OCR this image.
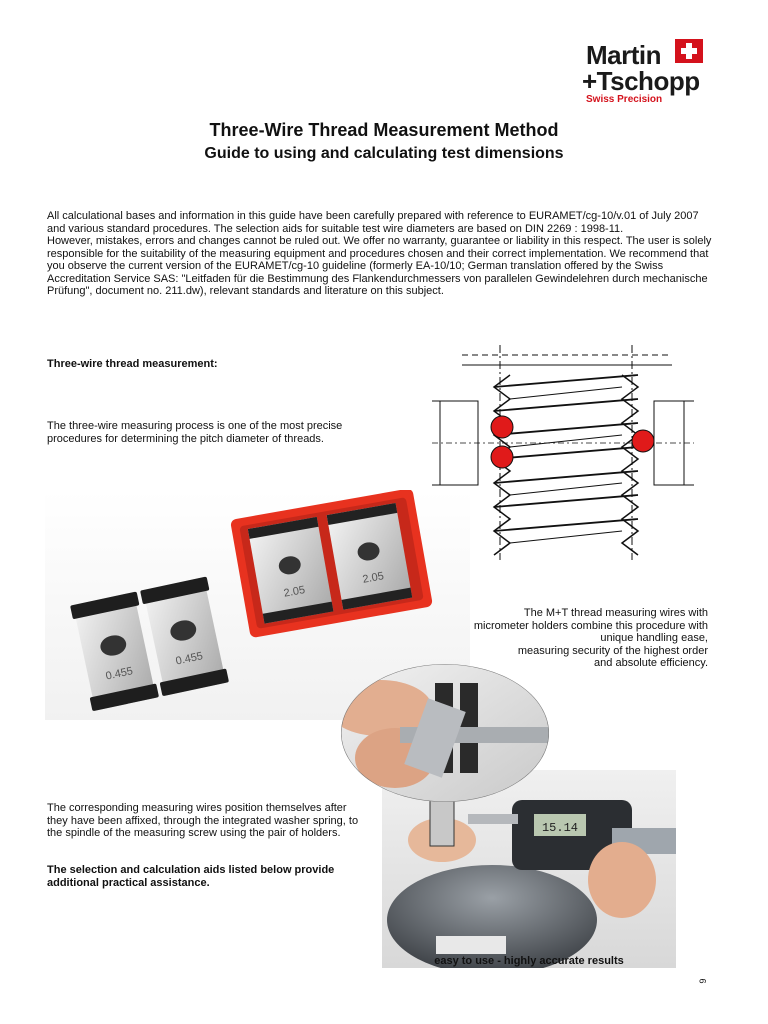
Martin
+Tschopp
Swiss Precision
Three-Wire Thread Measurement Method
Guide to using and calculating test dimensions

All calculational bases and information in this guide have been carefully prepared with reference to EURAMET/cg-10/v.01 of July 2007 and various standard procedures. The selection aids for suitable test wire diameters are based on DIN 2269 : 1998-11.

However, mistakes, errors and changes cannot be ruled out. We offer no warranty, guarantee or liability in this respect. The user is solely responsible for the suitability of the measuring equipment and procedures chosen and their correct implementation. We recommend that you observe the current version of the EURAMET/cg-10 guideline (formerly EA-10/10; German translation offered by the Swiss Accreditation Service SAS: "Leitfaden für die Bestimmung des Flankendurchmessers von parallelen Gewindelehren durch mechanische Prüfung", document no. 211.dw), relevant standards and literature on this subject.

Three-wire thread measurement:
The three-wire measuring process is one of the most precise procedures for determining the pitch diameter of threads.
2.05
2.05
0.455
0.455
The M+T thread measuring wires with
micrometer holders combine this procedure with
unique handling ease,
measuring security of the highest order
and absolute efficiency.
15.14
The corresponding measuring wires position themselves after they have been affixed, through the integrated washer spring, to the spindle of the measuring screw using the pair of holders.
The selection and calculation aids listed below provide additional practical assistance.
easy to use - highly accurate results
6
